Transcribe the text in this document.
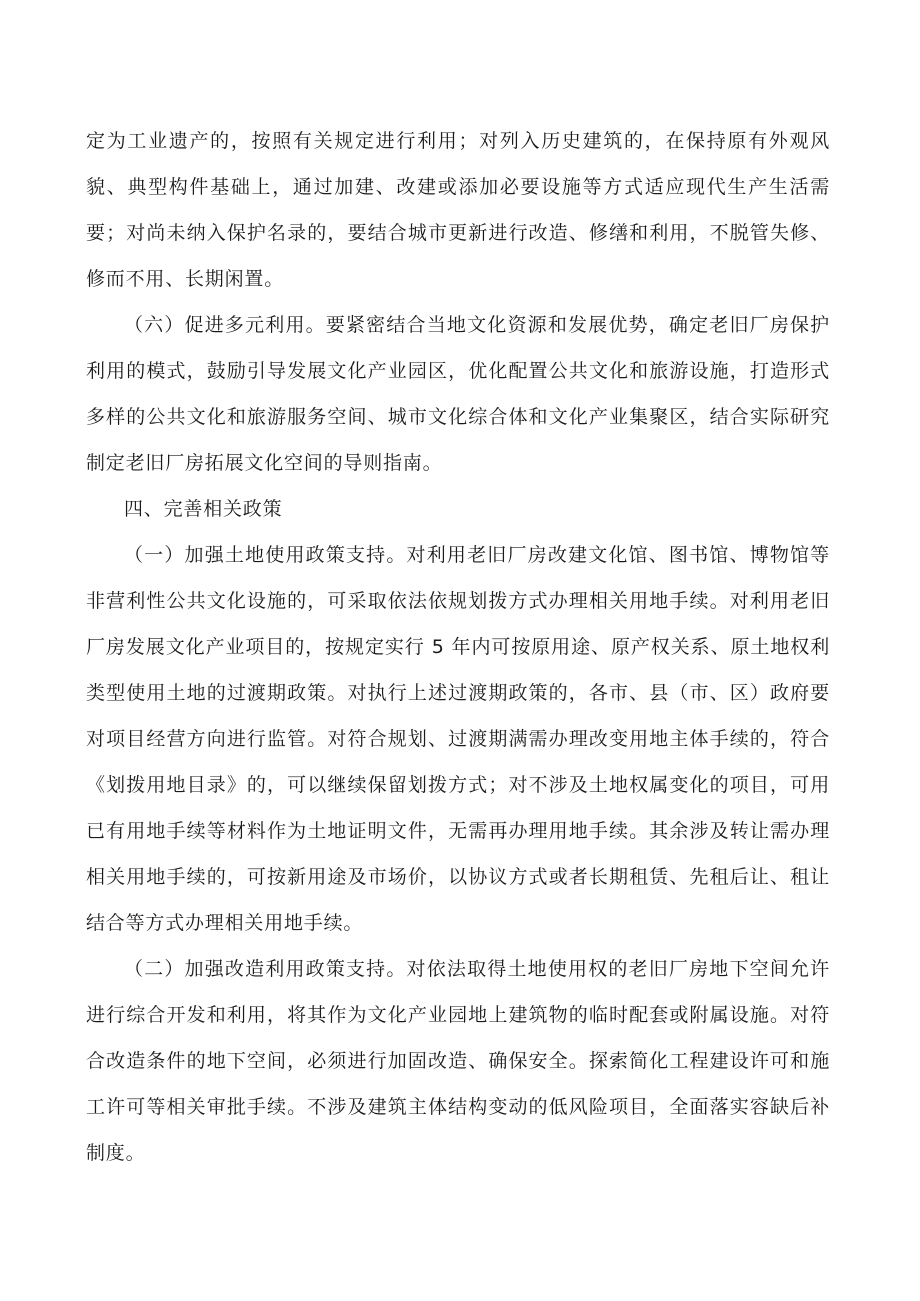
定为工业遗产的，按照有关规定进行利用；对列入历史建筑的，在保持原有外观风貌、典型构件基础上，通过加建、改建或添加必要设施等方式适应现代生产生活需要；对尚未纳入保护名录的，要结合城市更新进行改造、修缮和利用，不脱管失修、修而不用、长期闲置。

（六）促进多元利用。要紧密结合当地文化资源和发展优势，确定老旧厂房保护利用的模式，鼓励引导发展文化产业园区，优化配置公共文化和旅游设施，打造形式多样的公共文化和旅游服务空间、城市文化综合体和文化产业集聚区，结合实际研究制定老旧厂房拓展文化空间的导则指南。

四、完善相关政策

（一）加强土地使用政策支持。对利用老旧厂房改建文化馆、图书馆、博物馆等非营利性公共文化设施的，可采取依法依规划拨方式办理相关用地手续。对利用老旧厂房发展文化产业项目的，按规定实行 5 年内可按原用途、原产权关系、原土地权利类型使用土地的过渡期政策。对执行上述过渡期政策的，各市、县（市、区）政府要对项目经营方向进行监管。对符合规划、过渡期满需办理改变用地主体手续的，符合《划拨用地目录》的，可以继续保留划拨方式；对不涉及土地权属变化的项目，可用已有用地手续等材料作为土地证明文件，无需再办理用地手续。其余涉及转让需办理相关用地手续的，可按新用途及市场价，以协议方式或者长期租赁、先租后让、租让结合等方式办理相关用地手续。

（二）加强改造利用政策支持。对依法取得土地使用权的老旧厂房地下空间允许进行综合开发和利用，将其作为文化产业园地上建筑物的临时配套或附属设施。对符合改造条件的地下空间，必须进行加固改造、确保安全。探索简化工程建设许可和施工许可等相关审批手续。不涉及建筑主体结构变动的低风险项目，全面落实容缺后补制度。
